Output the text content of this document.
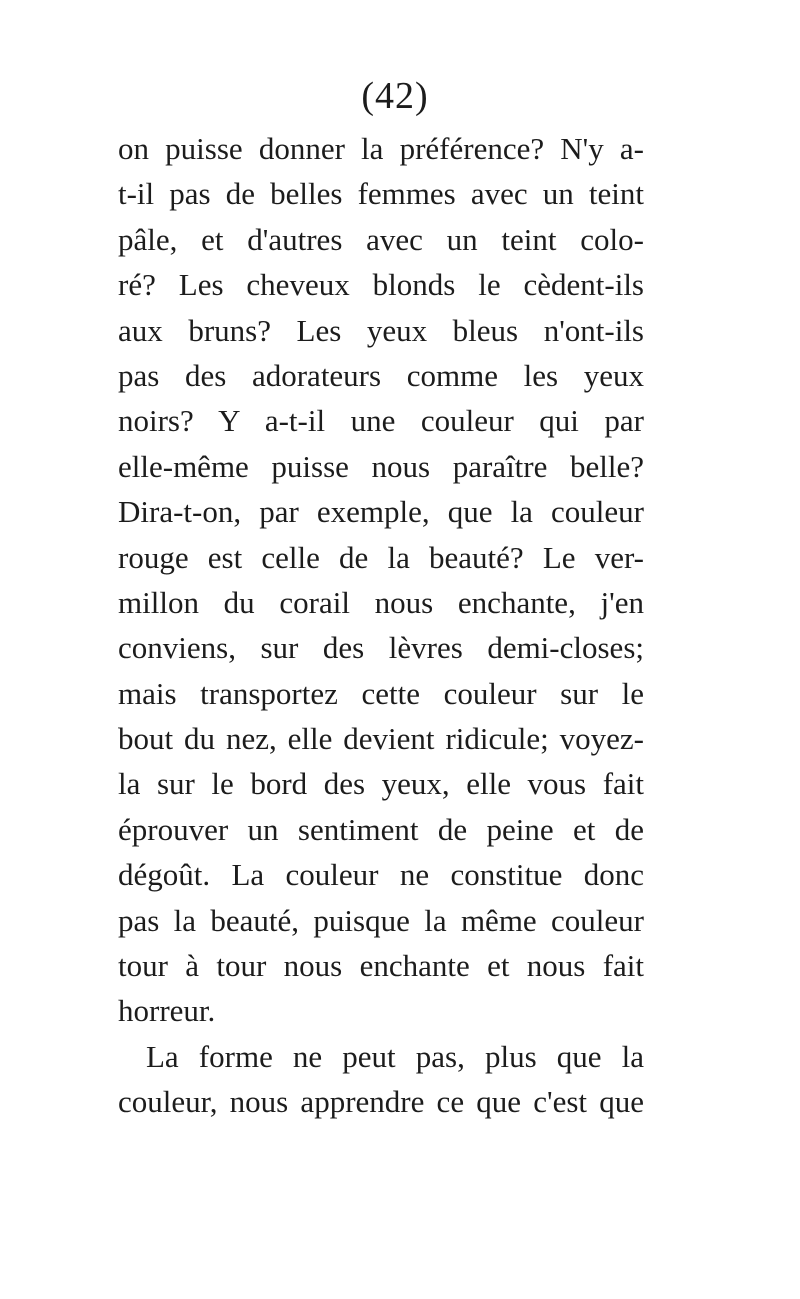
(42)
on puisse donner la préférence? N'y a-
t-il pas de belles femmes avec un teint
pâle, et d'autres avec un teint colo-
ré? Les cheveux blonds le cèdent-ils
aux bruns? Les yeux bleus n'ont-ils
pas des adorateurs comme les yeux
noirs? Y a-t-il une couleur qui par
elle-même puisse nous paraître belle?
Dira-t-on, par exemple, que la couleur
rouge est celle de la beauté? Le ver-
millon du corail nous enchante, j'en
conviens, sur des lèvres demi-closes;
mais transportez cette couleur sur le
bout du nez, elle devient ridicule; voyez-
la sur le bord des yeux, elle vous fait
éprouver un sentiment de peine et de
dégoût. La couleur ne constitue donc
pas la beauté, puisque la même couleur
tour à tour nous enchante et nous fait
horreur.
La forme ne peut pas, plus que la
couleur, nous apprendre ce que c'est que
